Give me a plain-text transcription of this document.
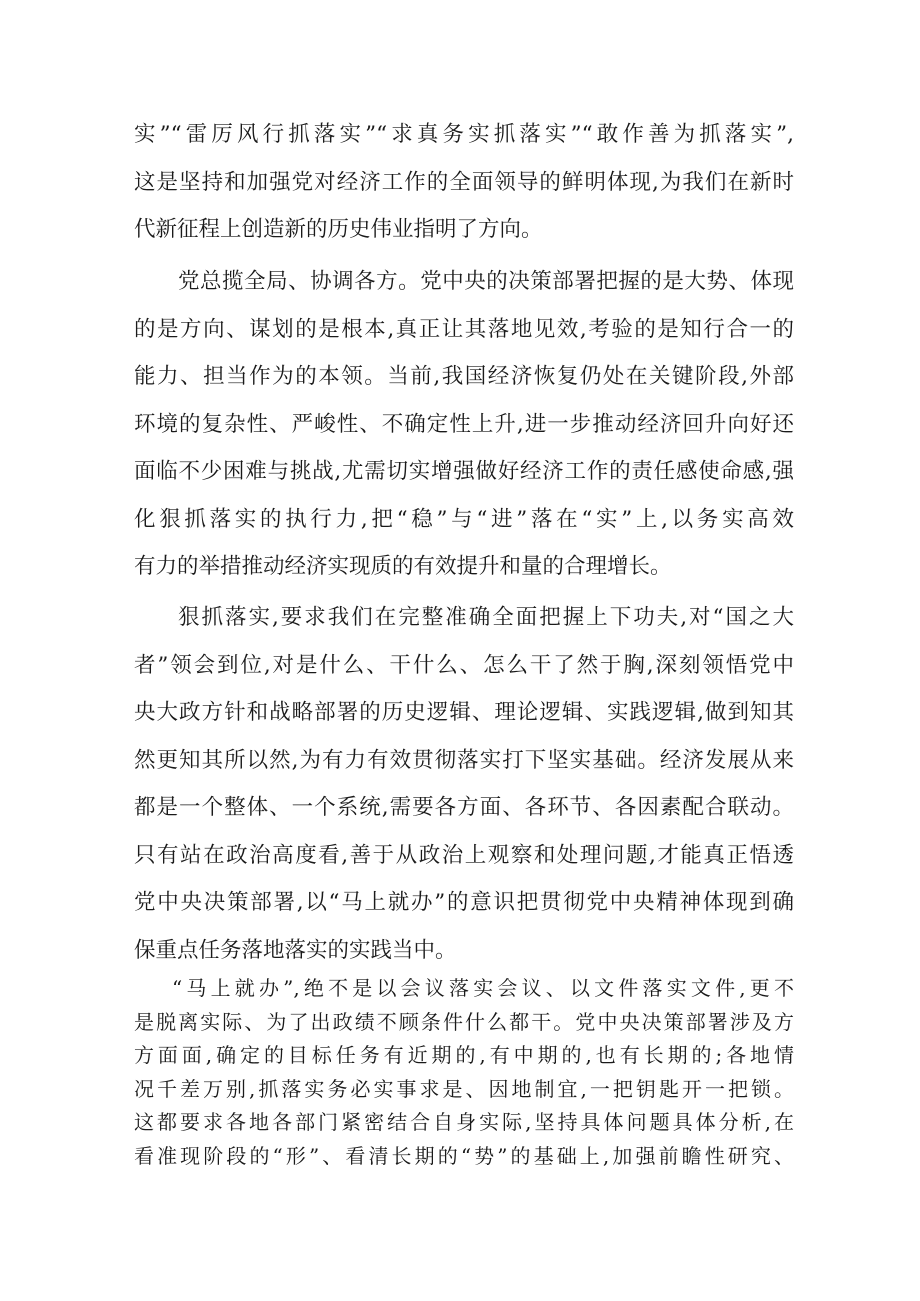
实”“雷厉风行抓落实”“求真务实抓落实”“敢作善为抓落实”,
这是坚持和加强党对经济工作的全面领导的鲜明体现,为我们在新时
代新征程上创造新的历史伟业指明了方向。
党总揽全局、协调各方。党中央的决策部署把握的是大势、体现
的是方向、谋划的是根本,真正让其落地见效,考验的是知行合一的
能力、担当作为的本领。当前,我国经济恢复仍处在关键阶段,外部
环境的复杂性、严峻性、不确定性上升,进一步推动经济回升向好还
面临不少困难与挑战,尤需切实增强做好经济工作的责任感使命感,强
化狠抓落实的执行力,把“稳”与“进”落在“实”上,以务实高效
有力的举措推动经济实现质的有效提升和量的合理增长。
狠抓落实,要求我们在完整准确全面把握上下功夫,对“国之大
者”领会到位,对是什么、干什么、怎么干了然于胸,深刻领悟党中
央大政方针和战略部署的历史逻辑、理论逻辑、实践逻辑,做到知其
然更知其所以然,为有力有效贯彻落实打下坚实基础。经济发展从来
都是一个整体、一个系统,需要各方面、各环节、各因素配合联动。
只有站在政治高度看,善于从政治上观察和处理问题,才能真正悟透
党中央决策部署,以“马上就办”的意识把贯彻党中央精神体现到确
保重点任务落地落实的实践当中。
“马上就办”,绝不是以会议落实会议、以文件落实文件,更不
是脱离实际、为了出政绩不顾条件什么都干。党中央决策部署涉及方
方面面,确定的目标任务有近期的,有中期的,也有长期的;各地情
况千差万别,抓落实务必实事求是、因地制宜,一把钥匙开一把锁。
这都要求各地各部门紧密结合自身实际,坚持具体问题具体分析,在
看准现阶段的“形”、看清长期的“势”的基础上,加强前瞻性研究、
